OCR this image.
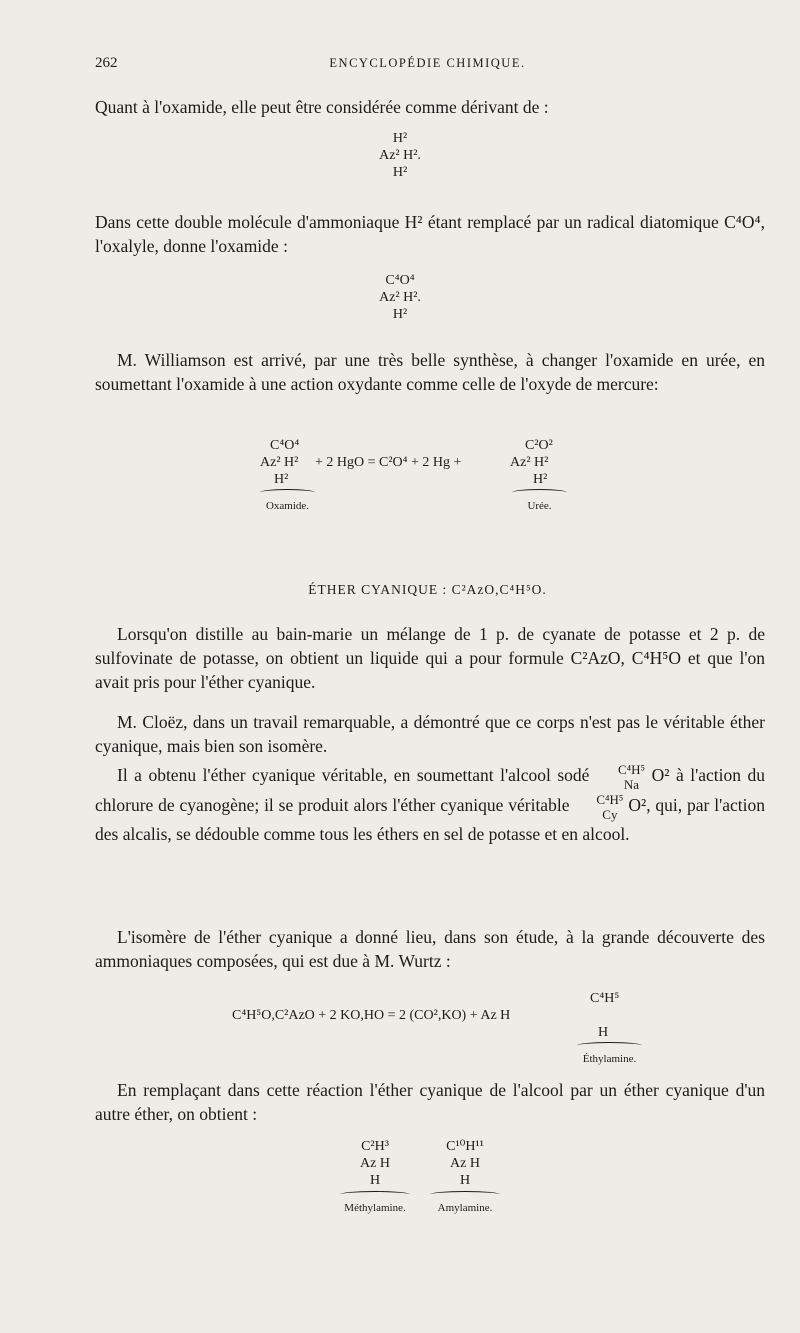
262	ENCYCLOPÉDIE CHIMIQUE.
Quant à l'oxamide, elle peut être considérée comme dérivant de :
H²
Az² H².
H²
Dans cette double molécule d'ammoniaque H² étant remplacé par un radical diatomique C⁴O⁴, l'oxalyle, donne l'oxamide :
C⁴O⁴
Az² H².
H²
M. Williamson est arrivé, par une très belle synthèse, à changer l'oxamide en urée, en soumettant l'oxamide à une action oxydante comme celle de l'oxyde de mercure:
C⁴O⁴	C²O²
Az² H² + 2 HgO = C²O⁴ + 2 Hg +	Az² H²
H²	H²
Oxamide.	Urée.
ÉTHER CYANIQUE : C²AzO,C⁴H⁵O.
Lorsqu'on distille au bain-marie un mélange de 1 p. de cyanate de potasse et 2 p. de sulfovinate de potasse, on obtient un liquide qui a pour formule C²AzO, C⁴H⁵O et que l'on avait pris pour l'éther cyanique.
M. Cloëz, dans un travail remarquable, a démontré que ce corps n'est pas le véritable éther cyanique, mais bien son isomère.
Il a obtenu l'éther cyanique véritable, en soumettant l'alcool sodé	C⁴H⁵
Na O² à l'action du chlorure de cyanogène; il se produit alors l'éther cyanique véritable	C⁴H⁵
Cy O², qui, par l'action des alcalis, se dédouble comme tous les éthers en sel de potasse et en alcool.
L'isomère de l'éther cyanique a donné lieu, dans son étude, à la grande découverte des ammoniaques composées, qui est due à M. Wurtz :
C⁴H⁵
C⁴H⁵O,C²AzO + 2 KO,HO = 2 (CO²,KO) + Az H
H
Éthylamine.
En remplaçant dans cette réaction l'éther cyanique de l'alcool par un éther cyanique d'un autre éther, on obtient :
C²H³
Az H
H
Méthylamine.
C¹⁰H¹¹
Az H
H
Amylamine.
